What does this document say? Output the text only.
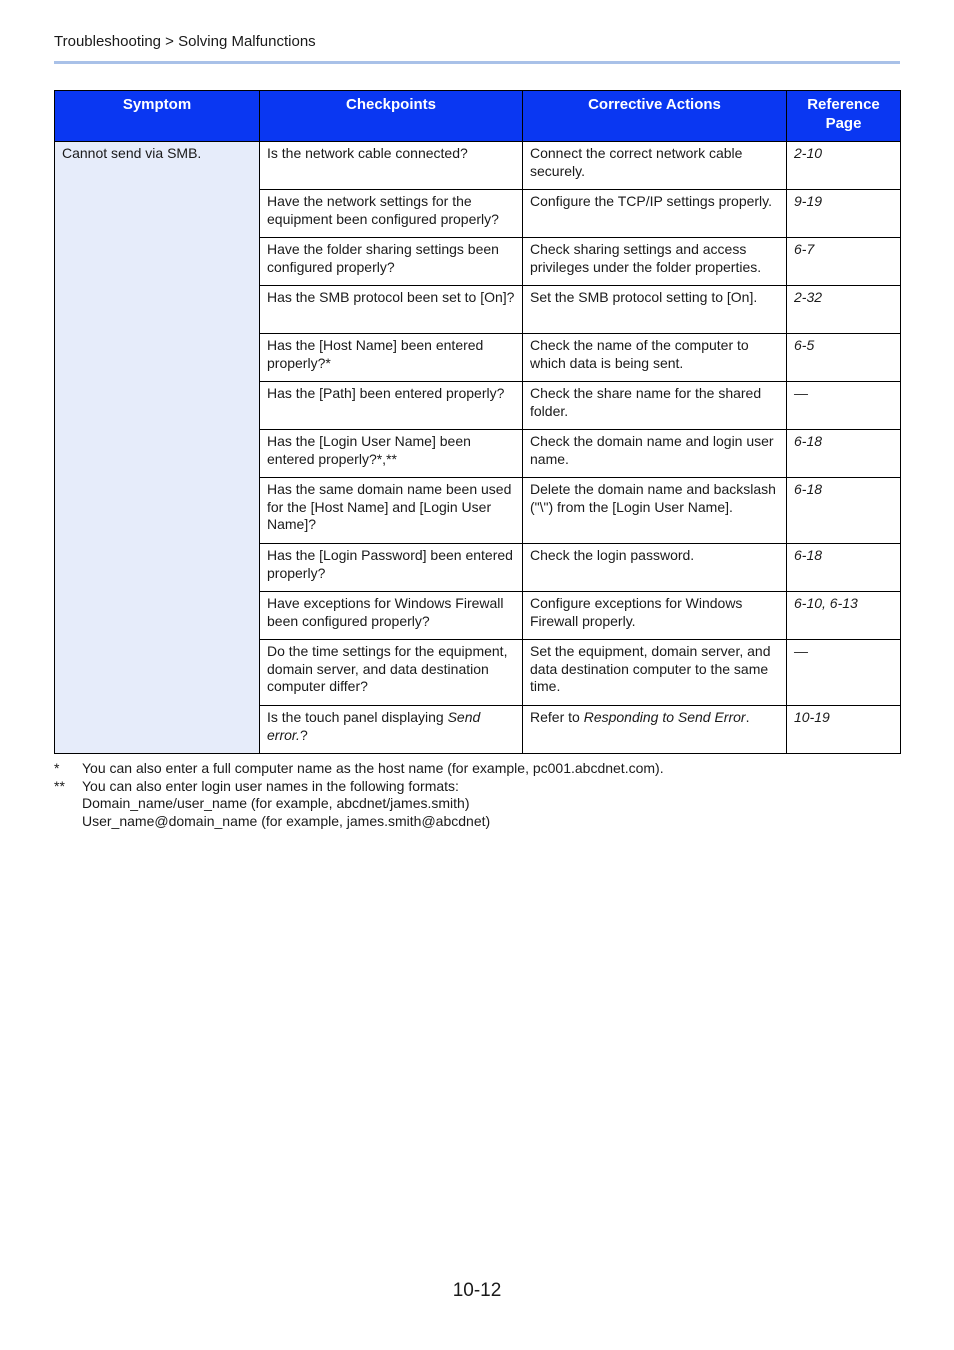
Troubleshooting > Solving Malfunctions
Symptom	Checkpoints	Corrective Actions	Reference
Page
Cannot send via SMB.	Is the network cable connected?	Connect the correct network cable securely.	2-10
	Have the network settings for the equipment been configured properly?	Configure the TCP/IP settings properly.	9-19
	Have the folder sharing settings been configured properly?	Check sharing settings and access privileges under the folder properties.	6-7
	Has the SMB protocol been set to [On]?	Set the SMB protocol setting to [On].	2-32
	Has the [Host Name] been entered properly?*	Check the name of the computer to which data is being sent.	6-5
	Has the [Path] been entered properly?	Check the share name for the shared folder.	—
	Has the [Login User Name] been entered properly?*,**	Check the domain name and login user name.	6-18
	Has the same domain name been used for the [Host Name] and [Login User Name]?	Delete the domain name and backslash ("\") from the [Login User Name].	6-18
	Has the [Login Password] been entered properly?	Check the login password.	6-18
	Have exceptions for Windows Firewall been configured properly?	Configure exceptions for Windows Firewall properly.	6-10, 6-13
	Do the time settings for the equipment, domain server, and data destination computer differ?	Set the equipment, domain server, and data destination computer to the same time.	—
	Is the touch panel displaying Send error.?	Refer to Responding to Send Error.	10-19
*	You can also enter a full computer name as the host name (for example, pc001.abcdnet.com).
**	You can also enter login user names in the following formats:
Domain_name/user_name (for example, abcdnet/james.smith)
User_name@domain_name (for example, james.smith@abcdnet)
10-12
